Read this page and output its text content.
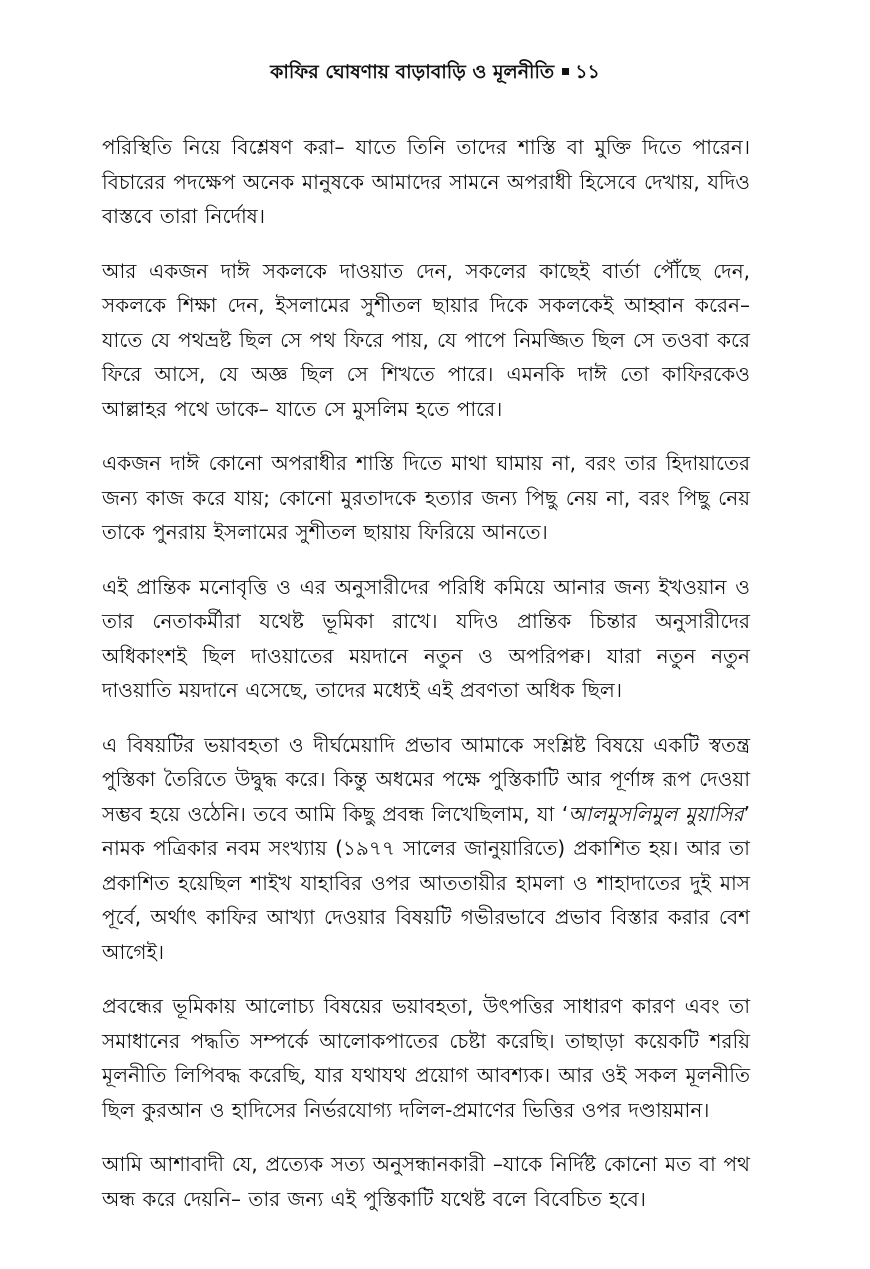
কাফির ঘোষণায় বাড়াবাড়ি ও মূলনীতি ১১

পরিস্থিতি নিয়ে বিশ্লেষণ করা– যাতে তিনি তাদের শাস্তি বা মুক্তি দিতে পারেন। বিচারের পদক্ষেপ অনেক মানুষকে আমাদের সামনে অপরাধী হিসেবে দেখায়, যদিও বাস্তবে তারা নির্দোষ।

আর একজন দাঈ সকলকে দাওয়াত দেন, সকলের কাছেই বার্তা পৌঁছে দেন, সকলকে শিক্ষা দেন, ইসলামের সুশীতল ছায়ার দিকে সকলকেই আহ্বান করেন– যাতে যে পথভ্রষ্ট ছিল সে পথ ফিরে পায়, যে পাপে নিমজ্জিত ছিল সে তওবা করে ফিরে আসে, যে অজ্ঞ ছিল সে শিখতে পারে। এমনকি দাঈ তো কাফিরকেও আল্লাহর পথে ডাকে– যাতে সে মুসলিম হতে পারে।

একজন দাঈ কোনো অপরাধীর শাস্তি দিতে মাথা ঘামায় না, বরং তার হিদায়াতের জন্য কাজ করে যায়; কোনো মুরতাদকে হত্যার জন্য পিছু নেয় না, বরং পিছু নেয় তাকে পুনরায় ইসলামের সুশীতল ছায়ায় ফিরিয়ে আনতে।

এই প্রান্তিক মনোবৃত্তি ও এর অনুসারীদের পরিধি কমিয়ে আনার জন্য ইখওয়ান ও তার নেতাকর্মীরা যথেষ্ট ভূমিকা রাখে। যদিও প্রান্তিক চিন্তার অনুসারীদের অধিকাংশই ছিল দাওয়াতের ময়দানে নতুন ও অপরিপক্ব। যারা নতুন নতুন দাওয়াতি ময়দানে এসেছে, তাদের মধ্যেই এই প্রবণতা অধিক ছিল।

এ বিষয়টির ভয়াবহতা ও দীর্ঘমেয়াদি প্রভাব আমাকে সংশ্লিষ্ট বিষয়ে একটি স্বতন্ত্র পুস্তিকা তৈরিতে উদ্বুদ্ধ করে। কিন্তু অধমের পক্ষে পুস্তিকাটি আর পূর্ণাঙ্গ রূপ দেওয়া সম্ভব হয়ে ওঠেনি। তবে আমি কিছু প্রবন্ধ লিখেছিলাম, যা ‘আলমুসলিমুল মুয়াসির’ নামক পত্রিকার নবম সংখ্যায় (১৯৭৭ সালের জানুয়ারিতে) প্রকাশিত হয়। আর তা প্রকাশিত হয়েছিল শাইখ যাহাবির ওপর আততায়ীর হামলা ও শাহাদাতের দুই মাস পূর্বে, অর্থাৎ কাফির আখ্যা দেওয়ার বিষয়টি গভীরভাবে প্রভাব বিস্তার করার বেশ আগেই।

প্রবন্ধের ভূমিকায় আলোচ্য বিষয়ের ভয়াবহতা, উৎপত্তির সাধারণ কারণ এবং তা সমাধানের পদ্ধতি সম্পর্কে আলোকপাতের চেষ্টা করেছি। তাছাড়া কয়েকটি শরয়ি মূলনীতি লিপিবদ্ধ করেছি, যার যথাযথ প্রয়োগ আবশ্যক। আর ওই সকল মূলনীতি ছিল কুরআন ও হাদিসের নির্ভরযোগ্য দলিল-প্রমাণের ভিত্তির ওপর দণ্ডায়মান।

আমি আশাবাদী যে, প্রত্যেক সত্য অনুসন্ধানকারী –যাকে নির্দিষ্ট কোনো মত বা পথ অন্ধ করে দেয়নি– তার জন্য এই পুস্তিকাটি যথেষ্ট বলে বিবেচিত হবে।
